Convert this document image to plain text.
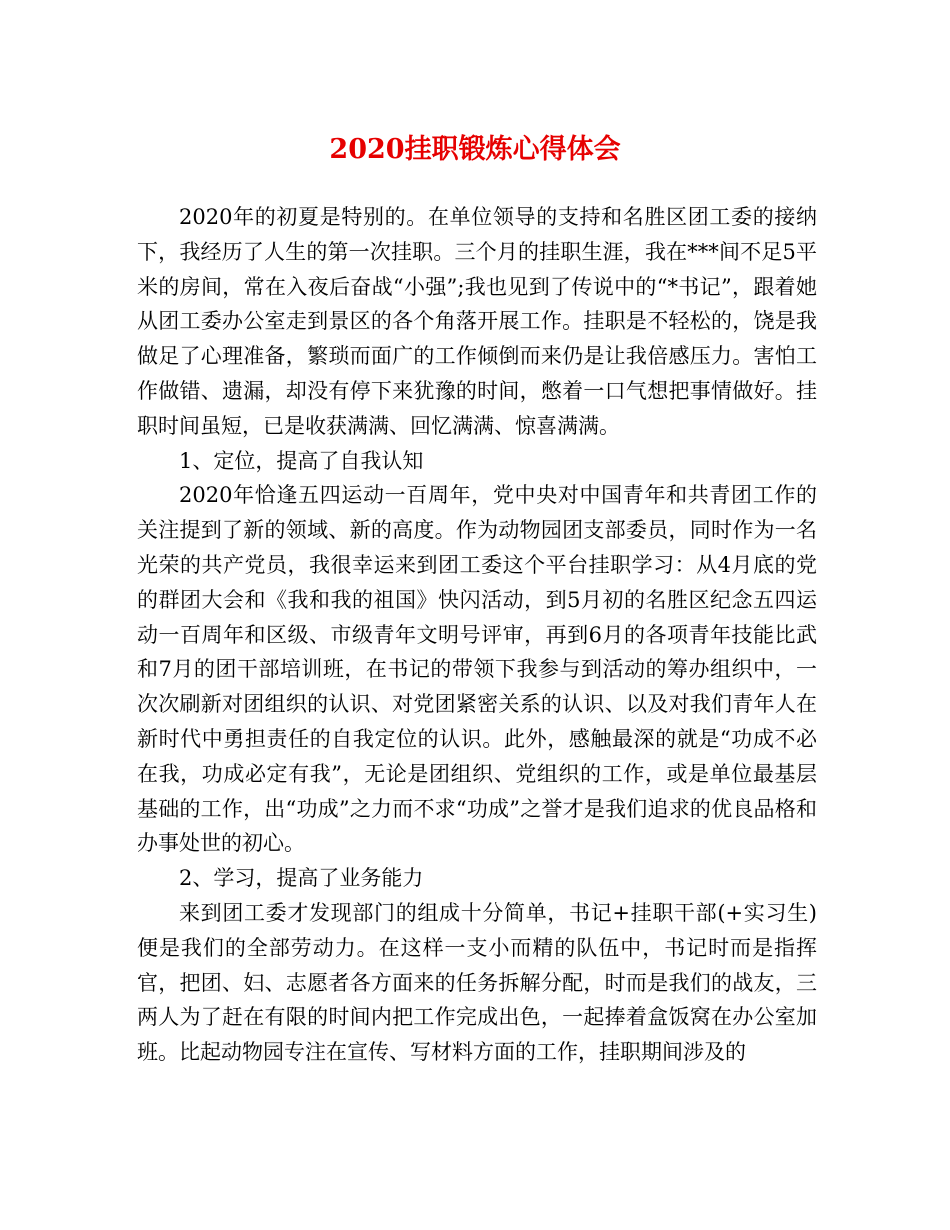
2020挂职锻炼心得体会

2020年的初夏是特别的。在单位领导的支持和名胜区团工委的接纳下，我经历了人生的第一次挂职。三个月的挂职生涯，我在***间不足5平米的房间，常在入夜后奋战“小强”;我也见到了传说中的“*书记”，跟着她从团工委办公室走到景区的各个角落开展工作。挂职是不轻松的，饶是我做足了心理准备，繁琐而面广的工作倾倒而来仍是让我倍感压力。害怕工作做错、遗漏，却没有停下来犹豫的时间，憋着一口气想把事情做好。挂职时间虽短，已是收获满满、回忆满满、惊喜满满。

1、定位，提高了自我认知

2020年恰逢五四运动一百周年，党中央对中国青年和共青团工作的关注提到了新的领域、新的高度。作为动物园团支部委员，同时作为一名光荣的共产党员，我很幸运来到团工委这个平台挂职学习：从4月底的党的群团大会和《我和我的祖国》快闪活动，到5月初的名胜区纪念五四运动一百周年和区级、市级青年文明号评审，再到6月的各项青年技能比武和7月的团干部培训班，在书记的带领下我参与到活动的筹办组织中，一次次刷新对团组织的认识、对党团紧密关系的认识、以及对我们青年人在新时代中勇担责任的自我定位的认识。此外，感触最深的就是“功成不必在我，功成必定有我”，无论是团组织、党组织的工作，或是单位最基层基础的工作，出“功成”之力而不求“功成”之誉才是我们追求的优良品格和办事处世的初心。

2、学习，提高了业务能力

来到团工委才发现部门的组成十分简单，书记+挂职干部(+实习生)便是我们的全部劳动力。在这样一支小而精的队伍中，书记时而是指挥官，把团、妇、志愿者各方面来的任务拆解分配，时而是我们的战友，三两人为了赶在有限的时间内把工作完成出色，一起捧着盒饭窝在办公室加班。比起动物园专注在宣传、写材料方面的工作，挂职期间涉及的
